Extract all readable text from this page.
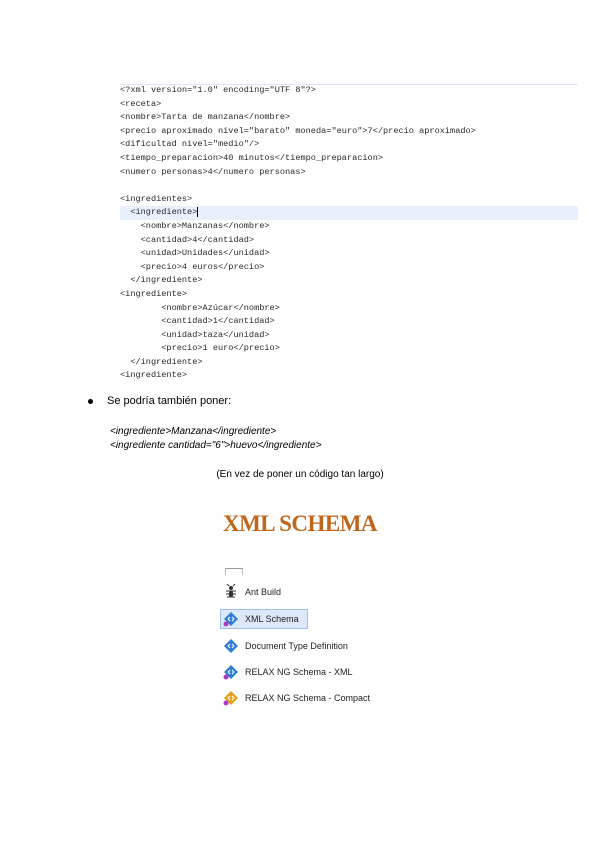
<?xml version="1.0" encoding="UTF 8"?>
<receta>
<nombre>Tarta de manzana</nombre>
<precio aproximado nivel="barato" moneda="euro">7</precio aproximado>
<dificultad nivel="medio"/>
<tiempo_preparacion>40 minutos</tiempo_preparacion>
<numero personas>4</numero personas>
<ingredientes>
<ingrediente>
<nombre>Manzanas</nombre>
<cantidad>4</cantidad>
<unidad>Unidades</unidad>
<precio>4 euros</precio>
</ingrediente>
<ingrediente>
<nombre>Azúcar</nombre>
<cantidad>1</cantidad>
<unidad>taza</unidad>
<precio>1 euro</precio>
</ingrediente>
<ingrediente>
Se podría también poner:
<ingrediente>Manzana</ingrediente>
<ingrediente cantidad="6">huevo</ingrediente>
(En vez de poner un código tan largo)
XML SCHEMA
Ant Build
XML Schema
Document Type Definition
RELAX NG Schema - XML
RELAX NG Schema - Compact
